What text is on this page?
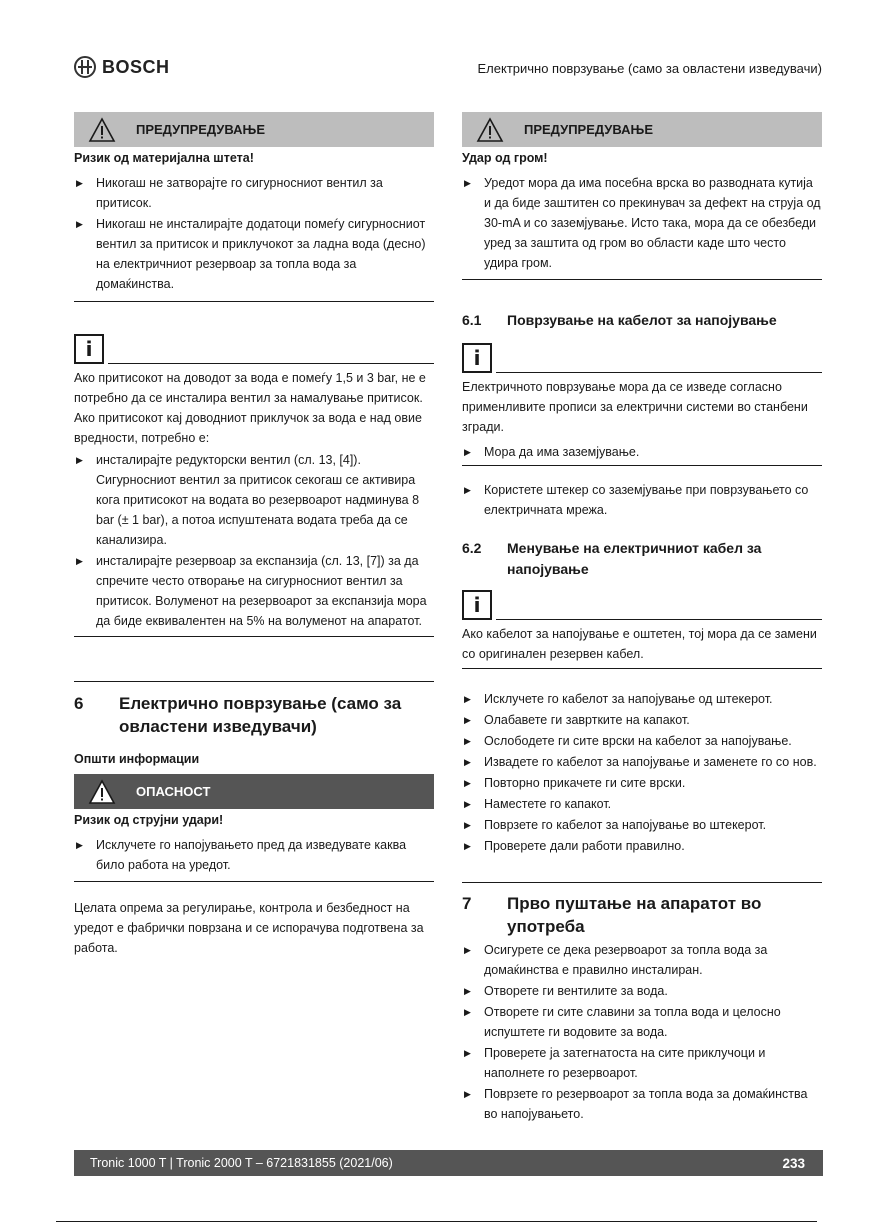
BOSCH	Електрично поврзување (само за овластени изведувачи)
ПРЕДУПРЕДУВАЊЕ
Ризик од материјална штета!
▶ Никогаш не затворајте го сигурносниот вентил за притисок.
▶ Никогаш не инсталирајте додатоци помеѓу сигурносниот вентил за притисок и приклучокот за ладна вода (десно) на електричниот резервоар за топла вода за домаќинства.
i
Ако притисокот на доводот за вода е помеѓу 1,5 и 3 bar, не е потребно да се инсталира вентил за намалување притисок. Ако притисокот кај доводниот приклучок за вода е над овие вредности, потребно е:
▶ инсталирајте редукторски вентил (сл. 13, [4]). Сигурносниот вентил за притисок секогаш се активира кога притисокот на водата во резервоарот надминува 8 bar (± 1 bar), а потоа испуштената водата треба да се канализира.
▶ инсталирајте резервоар за експанзија (сл. 13, [7]) за да спречите често отворање на сигурносниот вентил за притисок. Волуменот на резервоарот за експанзија мора да биде еквивалентен на 5% на волуменот на апаратот.
6	Електрично поврзување (само за овластени изведувачи)
Општи информации
ОПАСНОСТ
Ризик од струјни удари!
▶ Исклучете го напојувањето пред да изведувате каква било работа на уредот.
Целата опрема за регулирање, контрола и безбедност на уредот е фабрички поврзана и се испорачува подготвена за работа.
ПРЕДУПРЕДУВАЊЕ
Удар од гром!
▶ Уредот мора да има посебна врска во разводната кутија и да биде заштитен со прекинувач за дефект на струја од 30-mA и со заземјување. Исто така, мора да се обезбеди уред за заштита од гром во области каде што често удира гром.
6.1	Поврзување на кабелот за напојување
i
Електричното поврзување мора да се изведе согласно применливите прописи за електрични системи во станбени згради.
▶ Мора да има заземјување.
▶ Користете штекер со заземјување при поврзувањето со електричната мрежа.
6.2	Менување на електричниот кабел за напојување
i
Ако кабелот за напојување е оштетен, тој мора да се замени со оригинален резервен кабел.
▶ Исклучете го кабелот за напојување од штекерот.
▶ Олабавете ги завртките на капакот.
▶ Ослободете ги сите врски на кабелот за напојување.
▶ Извадете го кабелот за напојување и заменете го со нов.
▶ Повторно прикачете ги сите врски.
▶ Наместете го капакот.
▶ Поврзете го кабелот за напојување во штекерот.
▶ Проверете дали работи правилно.
7	Прво пуштање на апаратот во употреба
▶ Осигурете се дека резервоарот за топла вода за домаќинства е правилно инсталиран.
▶ Отворете ги вентилите за вода.
▶ Отворете ги сите славини за топла вода и целосно испуштете ги водовите за вода.
▶ Проверете ја затегнатоста на сите приклучоци и наполнете го резервоарот.
▶ Поврзете го резервоарот за топла вода за домаќинства во напојувањето.
Tronic 1000 T | Tronic 2000 T – 6721831855 (2021/06)	233
